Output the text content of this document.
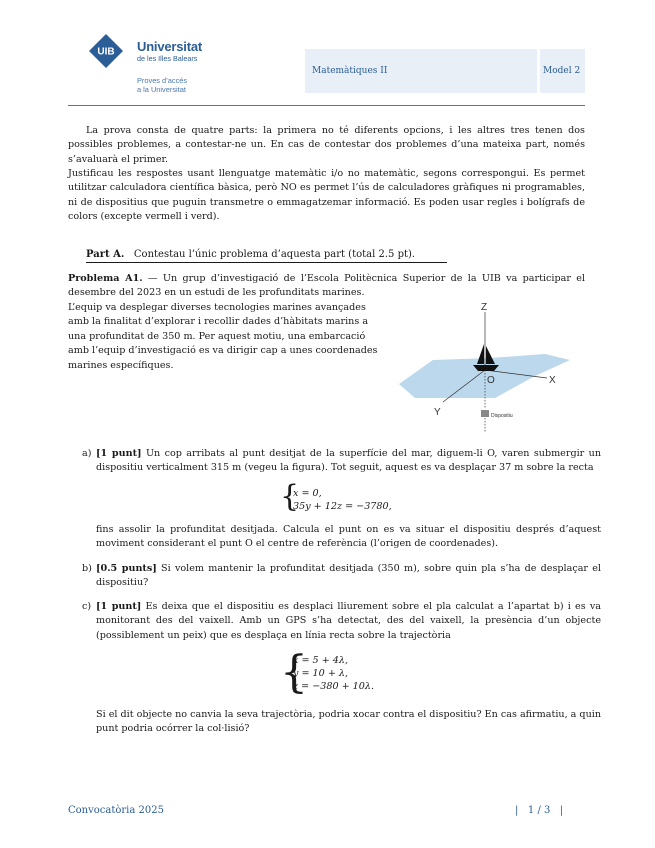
UIB Universitat
de les Illes Balears
Proves d’accés
a la Universitat
Matemàtiques II	Model 2
La prova consta de quatre parts: la primera no té diferents opcions, i les altres tres tenen dos possibles problemes, a contestar-ne un. En cas de contestar dos problemes d’una mateixa part, només s’avaluarà el primer.
Justificau les respostes usant llenguatge matemàtic i/o no matemàtic, segons correspongui. Es permet utilitzar calculadora científica bàsica, però NO es permet l’ús de calculadores gràfiques ni programables, ni de dispositius que puguin transmetre o emmagatzemar informació. Es poden usar regles i bolígrafs de colors (excepte vermell i verd).
Part A. Contestau l’únic problema d’aquesta part (total 2.5 pt).
Problema A1. — Un grup d’investigació de l’Escola Politècnica Superior de la UIB va participar el desembre del 2023 en un estudi de les profunditats marines.
L’equip va desplegar diverses tecnologies marines avançades amb la finalitat d’explorar i recollir dades d’hàbitats marins a una profunditat de 350 m. Per aquest motiu, una embarcació amb l’equip d’investigació es va dirigir cap a unes coordenades marines específiques.
Z
X
Y
O
Dispositiu
a) [1 punt] Un cop arribats al punt desitjat de la superfície del mar, diguem-li O, varen submergir un dispositiu verticalment 315 m (vegeu la figura). Tot seguit, aquest es va desplaçar 37 m sobre la recta
{
x = 0,
35y + 12z = −3780,
fins assolir la profunditat desitjada. Calcula el punt on es va situar el dispositiu després d’aquest moviment considerant el punt O el centre de referència (l’origen de coordenades).
b) [0.5 punts] Si volem mantenir la profunditat desitjada (350 m), sobre quin pla s’ha de desplaçar el dispositiu?
c) [1 punt] Es deixa que el dispositiu es desplaci lliurement sobre el pla calculat a l’apartat b) i es va monitorant des del vaixell. Amb un GPS s’ha detectat, des del vaixell, la presència d’un objecte (possiblement un peix) que es desplaça en línia recta sobre la trajectòria
{
x = 5 + 4λ,
y = 10 + λ,
z = −380 + 10λ.
Si el dit objecte no canvia la seva trajectòria, podria xocar contra el dispositiu? En cas afirmatiu, a quin punt podria ocórrer la col·lisió?
Convocatòria 2025	|   1 / 3   |
